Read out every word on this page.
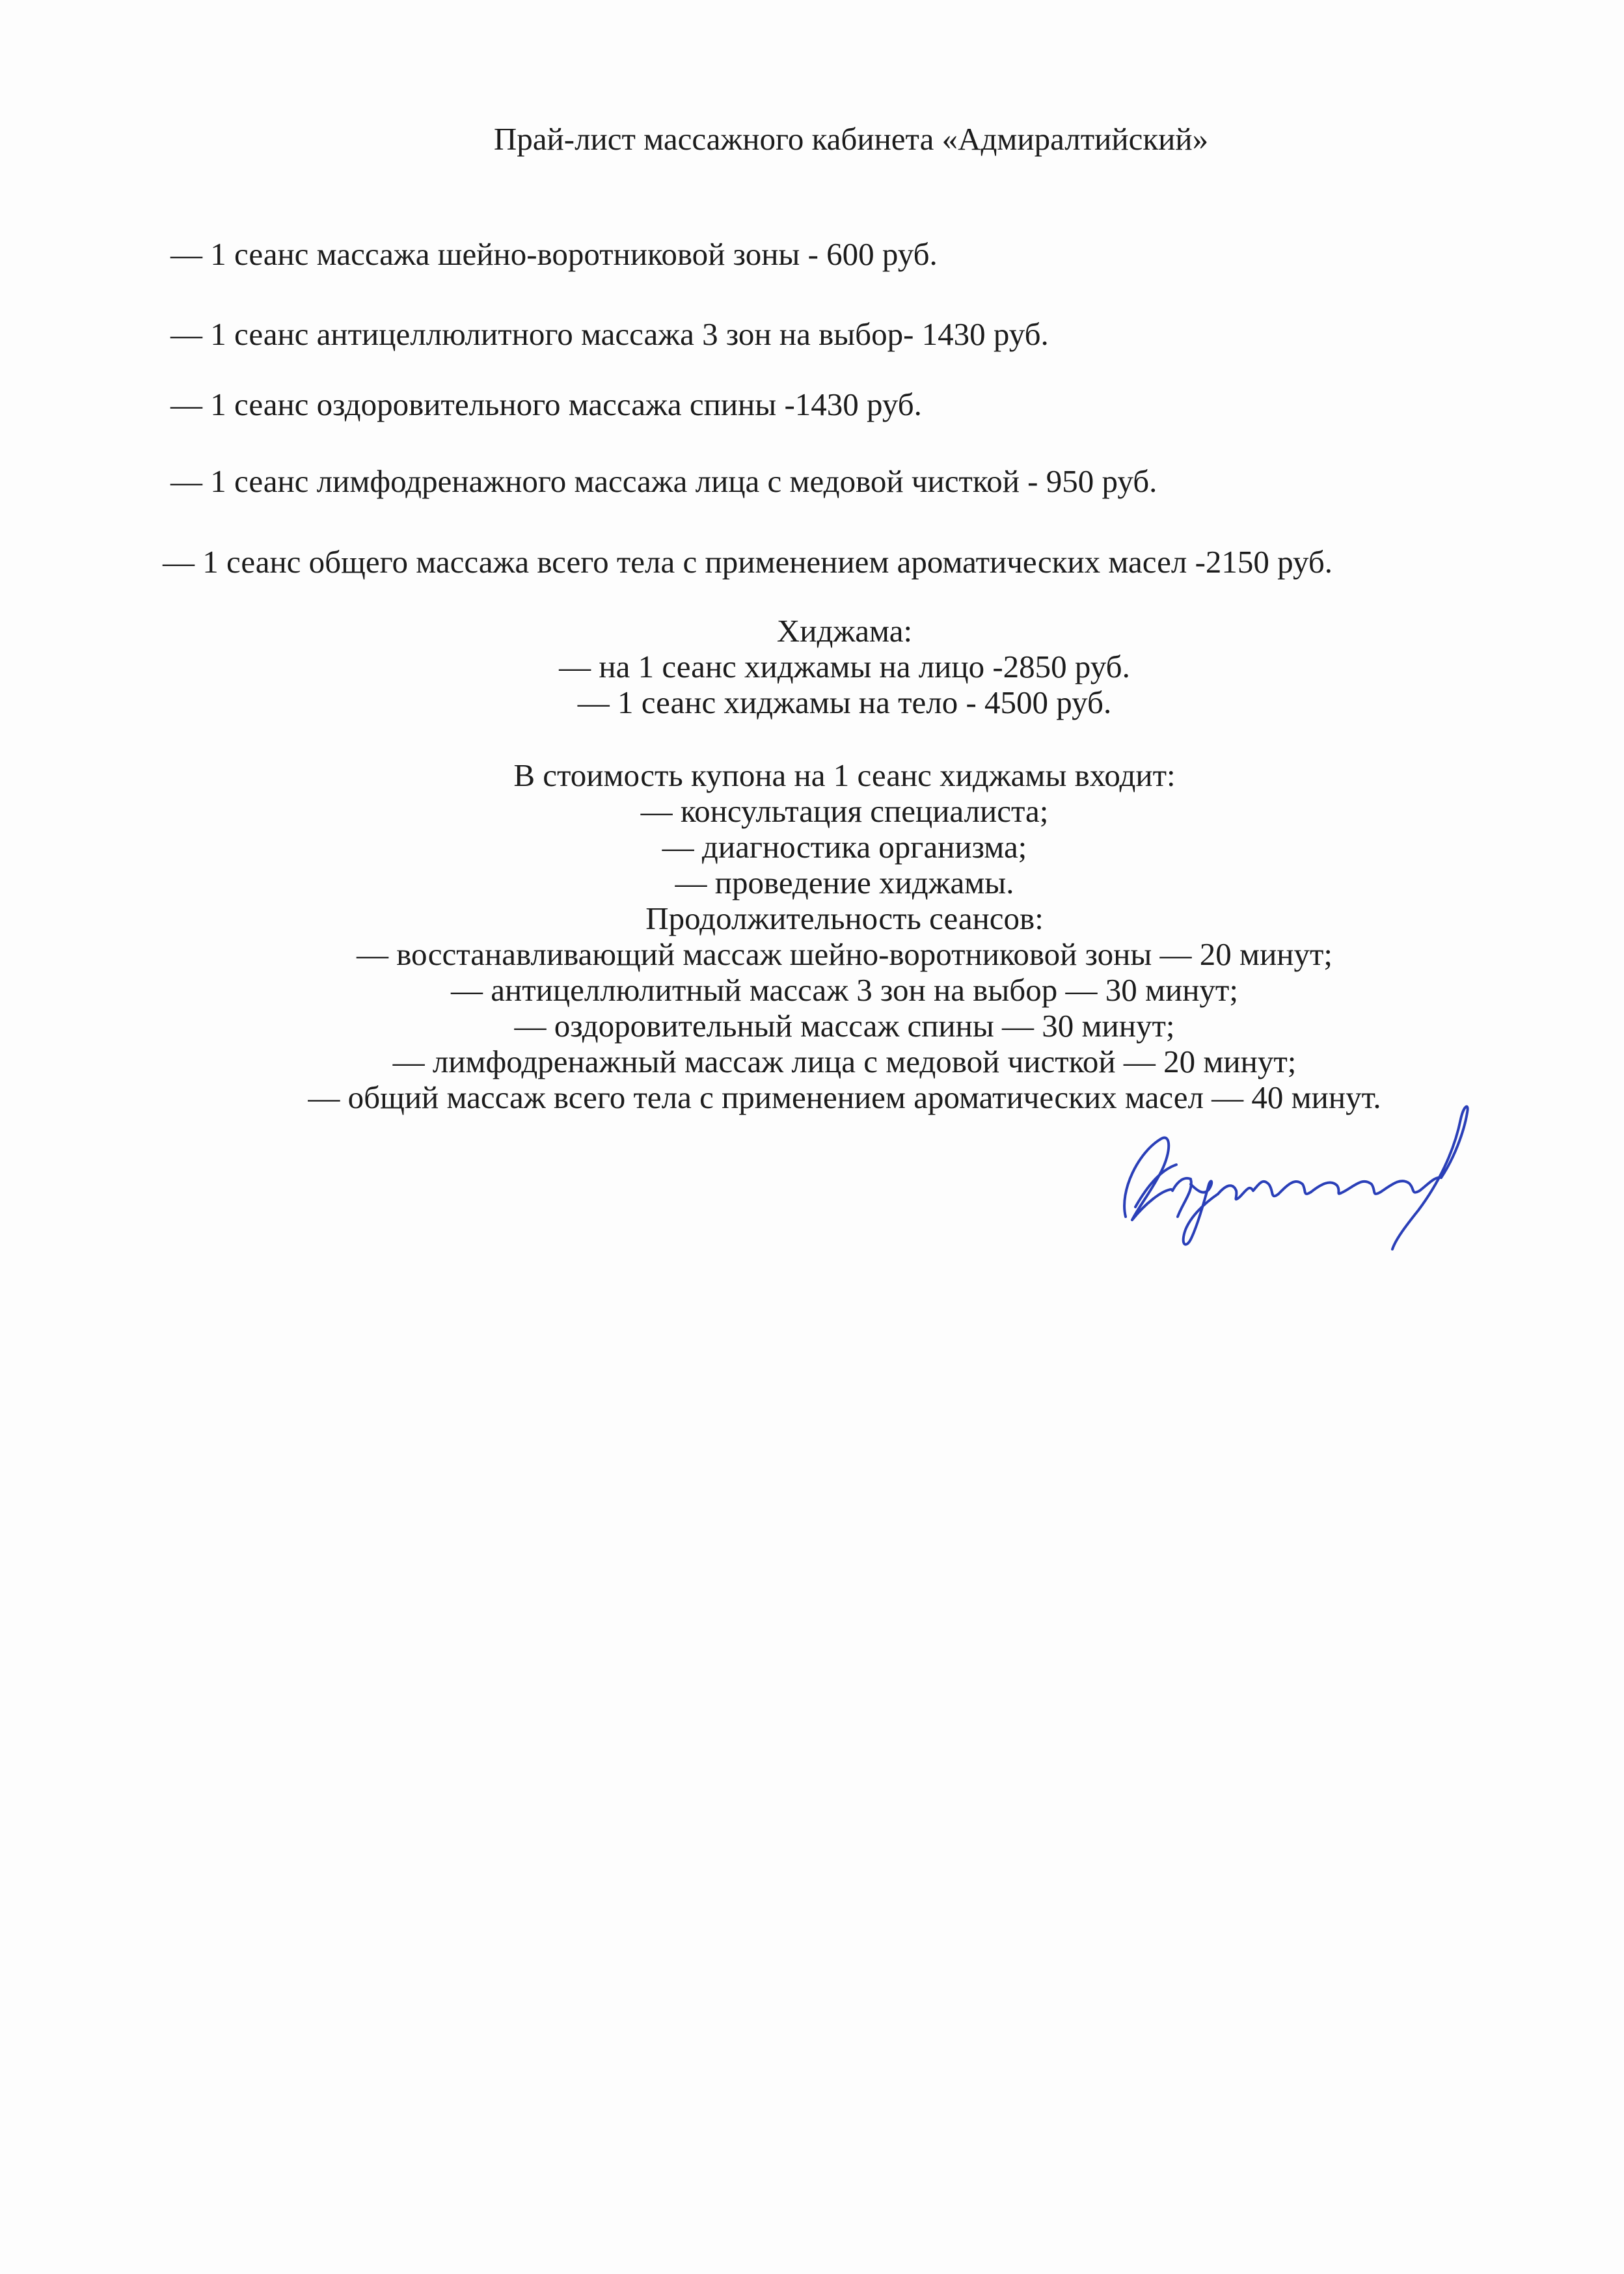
Прай-лист массажного кабинета «Адмиралтийский»

— 1 сеанс массажа шейно-воротниковой зоны - 600 руб.

— 1 сеанс антицеллюлитного массажа 3 зон на выбор- 1430 руб.

— 1 сеанс оздоровительного массажа спины -1430 руб.

— 1 сеанс лимфодренажного массажа лица с медовой чисткой - 950 руб.

— 1 сеанс общего массажа всего тела с применением ароматических масел -2150 руб.

Хиджама:
— на 1 сеанс хиджамы на лицо -2850 руб.
— 1 сеанс хиджамы на тело - 4500 руб.
В стоимость купона на 1 сеанс хиджамы входит:
— консультация специалиста;
— диагностика организма;
— проведение хиджамы.
Продолжительность сеансов:
— восстанавливающий массаж шейно-воротниковой зоны — 20 минут;
— антицеллюлитный массаж 3 зон на выбор — 30 минут;
— оздоровительный массаж спины — 30 минут;
— лимфодренажный массаж лица с медовой чисткой — 20 минут;
— общий массаж всего тела с применением ароматических масел — 40 минут.
